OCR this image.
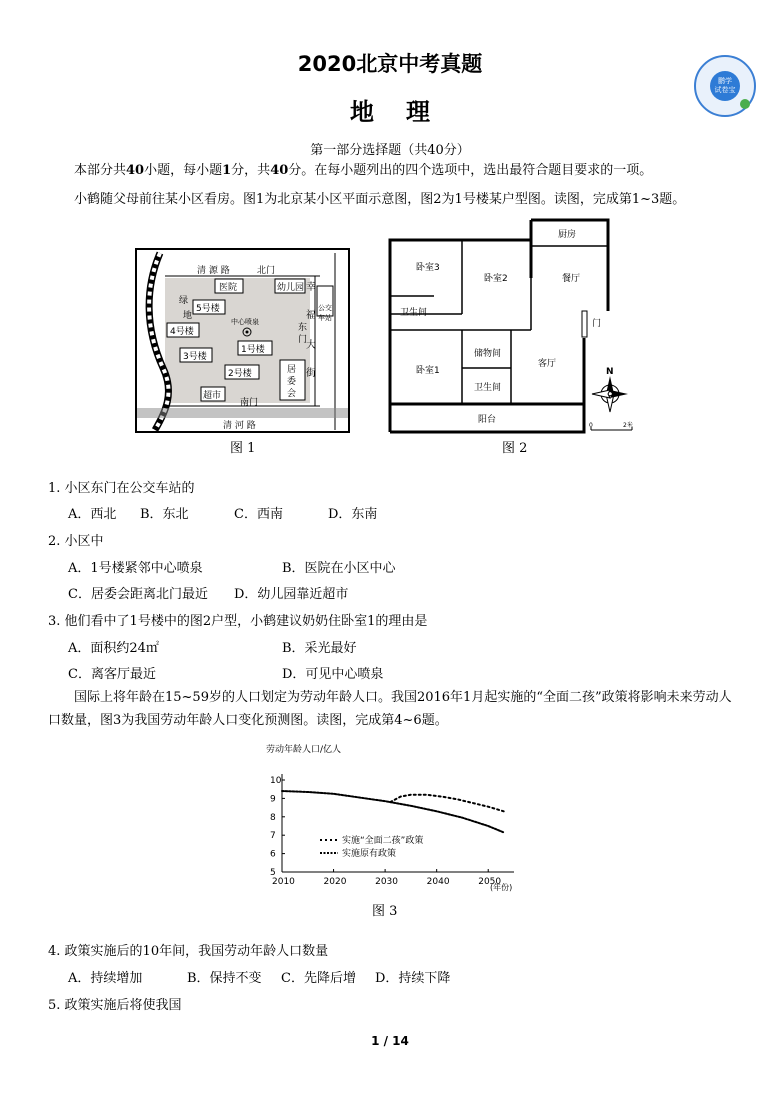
2020北京中考真题
地理
第一部分选择题（共40分）
鹏学
试卷宝
本部分共40小题，每小题1分，共40分。在每小题列出的四个选项中，选出最符合题目要求的一项。
小鹤随父母前往某小区看房。图1为北京某小区平面示意图，图2为1号楼某户型图。读图，完成第1~3题。
清 源 路	北门
医院	幼儿园
5号楼
绿
地
4号楼
中心喷泉
3号楼
1号楼
2号楼
超市
居
委
会
东
门
幸
福
大
街
公交
车站
南门
清 河 路
图 1
厨房
卧室3
卧室2	餐厅
卫生间
门
储物间
卧室1
客厅
卫生间
阳台
N
0	2米
图 2
1. 小区东门在公交车站的
A．西北 B．东北	C．西南	D．东南
2. 小区中
A．1号楼紧邻中心喷泉	B．医院在小区中心
C．居委会距离北门最近 D．幼儿园靠近超市
3. 他们看中了1号楼中的图2户型，小鹤建议奶奶住卧室1的理由是
A．面积约24㎡	B．采光最好
C．离客厅最近	D．可见中心喷泉
国际上将年龄在15~59岁的人口划定为劳动年龄人口。我国2016年1月起实施的“全面二孩”政策将影响未来劳动人口数量，图3为我国劳动年龄人口变化预测图。读图，完成第4~6题。
劳动年龄人口/亿人
(年份)
5
6
7
8
9
10
2010	2020	2030	2040	2050
实施“全面二孩”政策
实施原有政策
图 3
4. 政策实施后的10年间，我国劳动年龄人口数量
A．持续增加	B．保持不变 C．先降后增 D．持续下降
5. 政策实施后将使我国
1 / 14
